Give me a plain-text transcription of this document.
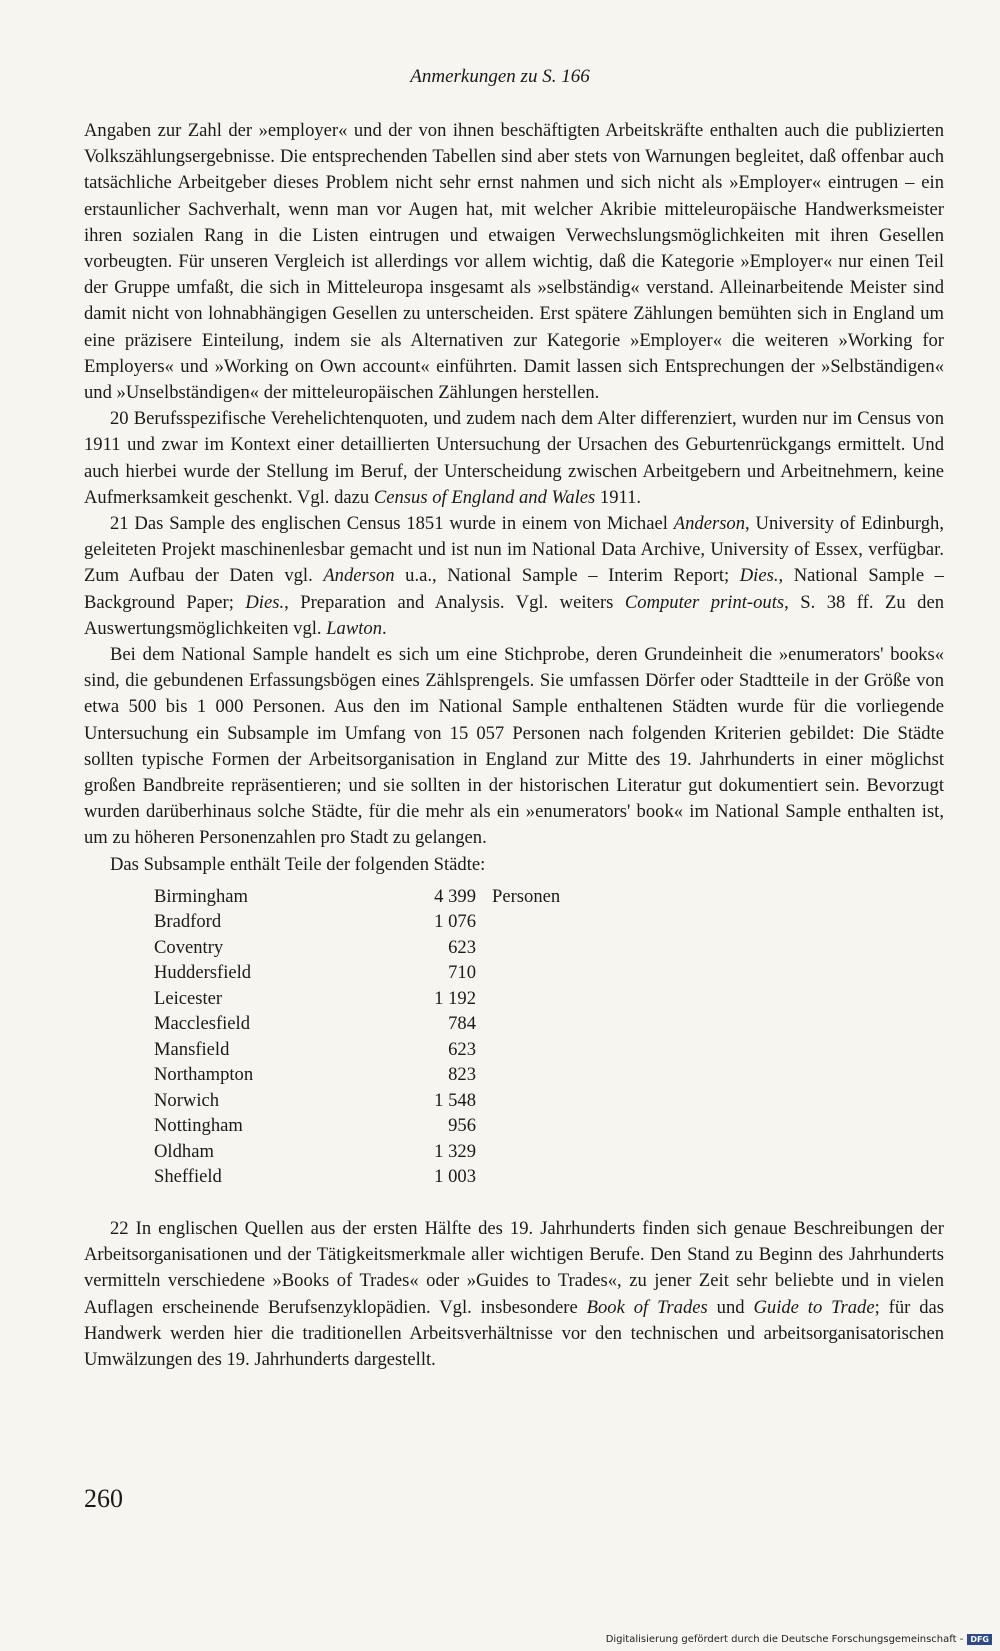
Anmerkungen zu S. 166

Angaben zur Zahl der »employer« und der von ihnen beschäftigten Arbeitskräfte enthalten auch die publizierten Volkszählungsergebnisse. Die entsprechenden Tabellen sind aber stets von Warnungen begleitet, daß offenbar auch tatsächliche Arbeitgeber dieses Problem nicht sehr ernst nahmen und sich nicht als »Employer« eintrugen – ein erstaunlicher Sachverhalt, wenn man vor Augen hat, mit welcher Akribie mitteleuropäische Handwerksmeister ihren sozialen Rang in die Listen eintrugen und etwaigen Verwechslungsmöglichkeiten mit ihren Gesellen vorbeugten. Für unseren Vergleich ist allerdings vor allem wichtig, daß die Kategorie »Employer« nur einen Teil der Gruppe umfaßt, die sich in Mitteleuropa insgesamt als »selbständig« verstand. Alleinarbeitende Meister sind damit nicht von lohnabhängigen Gesellen zu unterscheiden. Erst spätere Zählungen bemühten sich in England um eine präzisere Einteilung, indem sie als Alternativen zur Kategorie »Employer« die weiteren »Working for Employers« und »Working on Own account« einführten. Damit lassen sich Entsprechungen der »Selbständigen« und »Unselbständigen« der mitteleuropäischen Zählungen herstellen.

20 Berufsspezifische Verehelichtenquoten, und zudem nach dem Alter differenziert, wurden nur im Census von 1911 und zwar im Kontext einer detaillierten Untersuchung der Ursachen des Geburtenrückgangs ermittelt. Und auch hierbei wurde der Stellung im Beruf, der Unterscheidung zwischen Arbeitgebern und Arbeitnehmern, keine Aufmerksamkeit geschenkt. Vgl. dazu Census of England and Wales 1911.

21 Das Sample des englischen Census 1851 wurde in einem von Michael Anderson, University of Edinburgh, geleiteten Projekt maschinenlesbar gemacht und ist nun im National Data Archive, University of Essex, verfügbar. Zum Aufbau der Daten vgl. Anderson u.a., National Sample – Interim Report; Dies., National Sample – Background Paper; Dies., Preparation and Analysis. Vgl. weiters Computer print-outs, S. 38 ff. Zu den Auswertungsmöglichkeiten vgl. Lawton.

Bei dem National Sample handelt es sich um eine Stichprobe, deren Grundeinheit die »enumerators' books« sind, die gebundenen Erfassungsbögen eines Zählsprengels. Sie umfassen Dörfer oder Stadtteile in der Größe von etwa 500 bis 1 000 Personen. Aus den im National Sample enthaltenen Städten wurde für die vorliegende Untersuchung ein Subsample im Umfang von 15 057 Personen nach folgenden Kriterien gebildet: Die Städte sollten typische Formen der Arbeitsorganisation in England zur Mitte des 19. Jahrhunderts in einer möglichst großen Bandbreite repräsentieren; und sie sollten in der historischen Literatur gut dokumentiert sein. Bevorzugt wurden darüberhinaus solche Städte, für die mehr als ein »enumerators' book« im National Sample enthalten ist, um zu höheren Personenzahlen pro Stadt zu gelangen.

Das Subsample enthält Teile der folgenden Städte:

Birmingham	4 399	Personen
Bradford	1 076	
Coventry	623	
Huddersfield	710	
Leicester	1 192	
Macclesfield	784	
Mansfield	623	
Northampton	823	
Norwich	1 548	
Nottingham	956	
Oldham	1 329	
Sheffield	1 003	

22 In englischen Quellen aus der ersten Hälfte des 19. Jahrhunderts finden sich genaue Beschreibungen der Arbeitsorganisationen und der Tätigkeitsmerkmale aller wichtigen Berufe. Den Stand zu Beginn des Jahrhunderts vermitteln verschiedene »Books of Trades« oder »Guides to Trades«, zu jener Zeit sehr beliebte und in vielen Auflagen erscheinende Berufsenzyklopädien. Vgl. insbesondere Book of Trades und Guide to Trade; für das Handwerk werden hier die traditionellen Arbeitsverhältnisse vor den technischen und arbeitsorganisatorischen Umwälzungen des 19. Jahrhunderts dargestellt.

260
Digitalisierung gefördert durch die Deutsche Forschungsgemeinschaft - DFG
